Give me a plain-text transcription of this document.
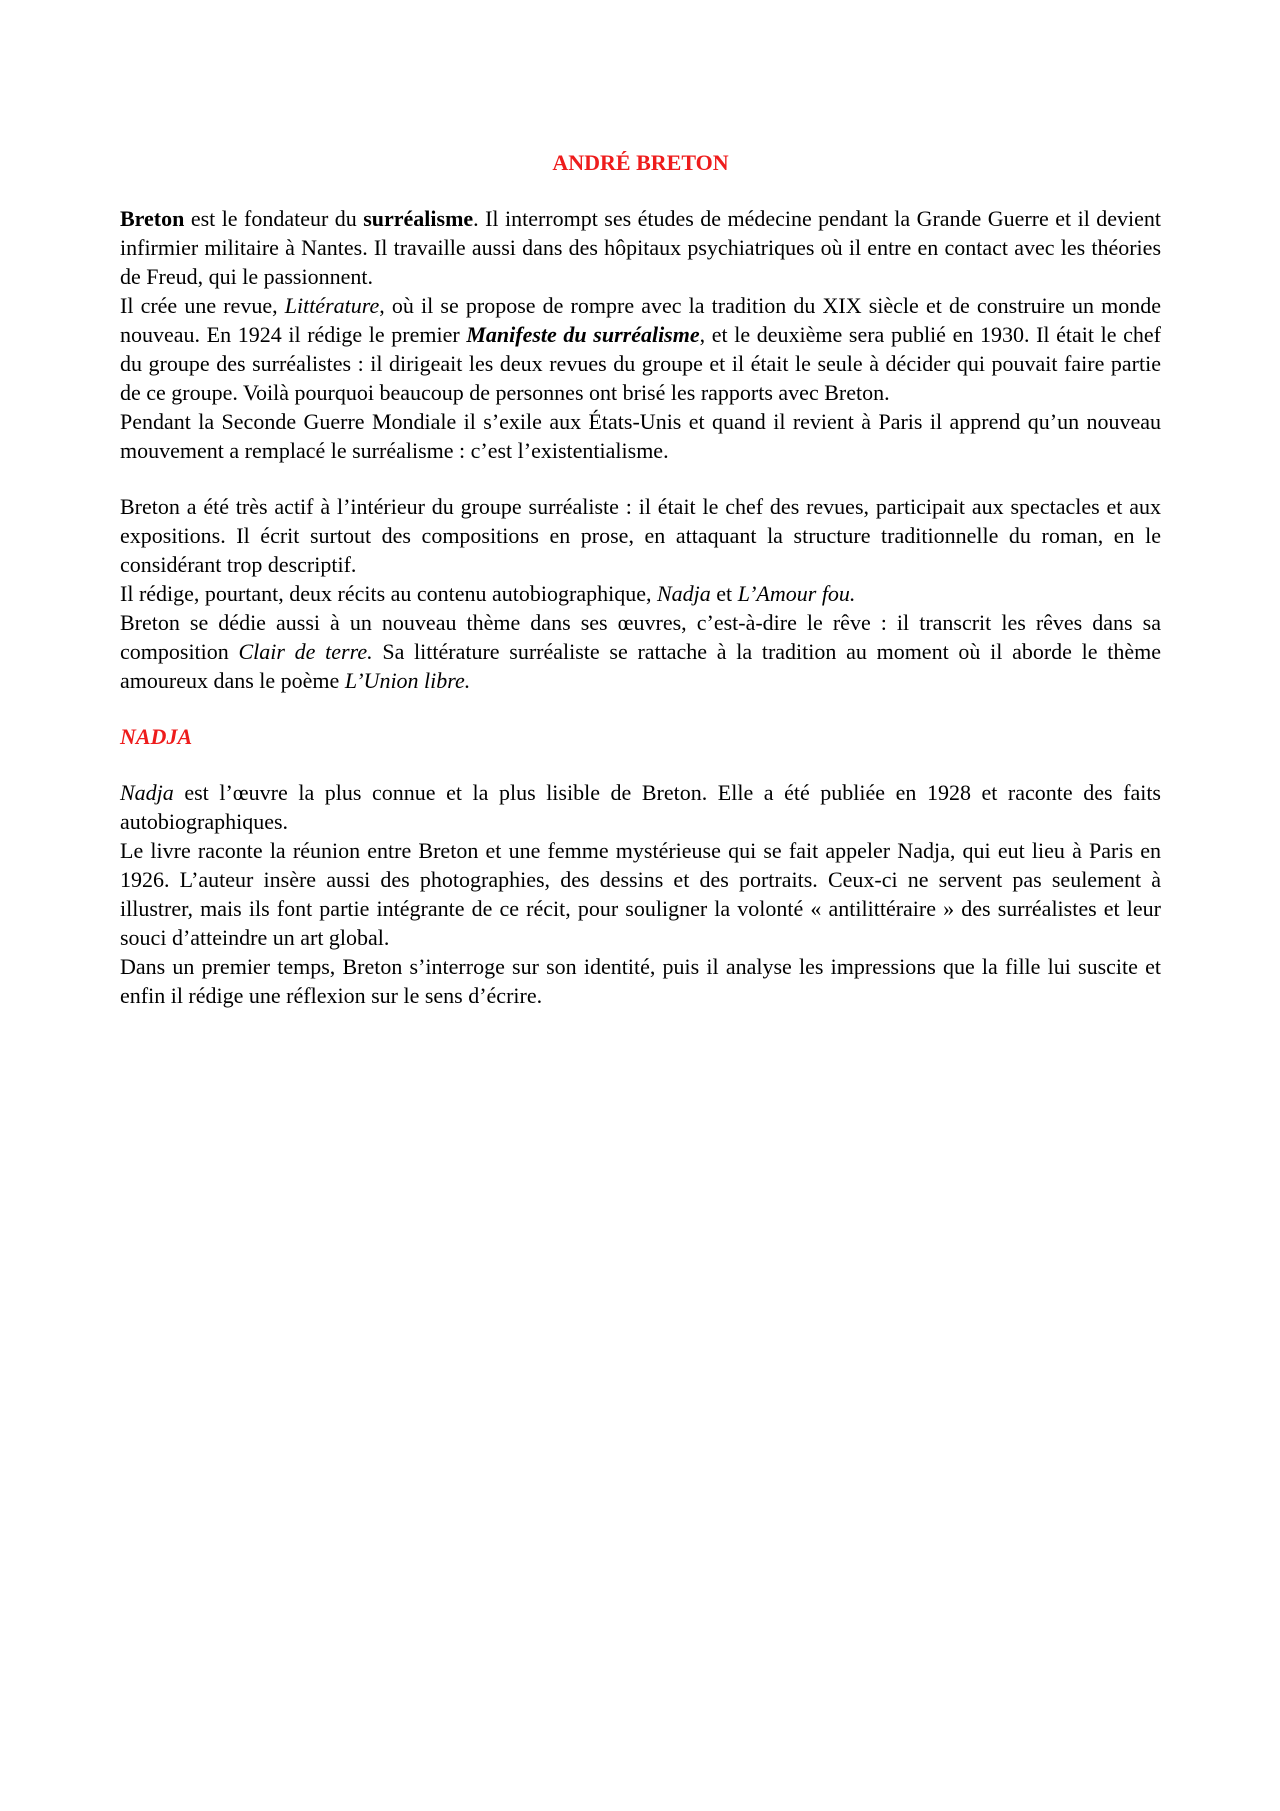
ANDRÉ BRETON

Breton est le fondateur du surréalisme. Il interrompt ses études de médecine pendant la Grande Guerre et il devient infirmier militaire à Nantes. Il travaille aussi dans des hôpitaux psychiatriques où il entre en contact avec les théories de Freud, qui le passionnent.

Il crée une revue, Littérature, où il se propose de rompre avec la tradition du XIX siècle et de construire un monde nouveau. En 1924 il rédige le premier Manifeste du surréalisme, et le deuxième sera publié en 1930. Il était le chef du groupe des surréalistes : il dirigeait les deux revues du groupe et il était le seule à décider qui pouvait faire partie de ce groupe. Voilà pourquoi beaucoup de personnes ont brisé les rapports avec Breton.

Pendant la Seconde Guerre Mondiale il s’exile aux États-Unis et quand il revient à Paris il apprend qu’un nouveau mouvement a remplacé le surréalisme : c’est l’existentialisme.

Breton a été très actif à l’intérieur du groupe surréaliste : il était le chef des revues, participait aux spectacles et aux expositions. Il écrit surtout des compositions en prose, en attaquant la structure traditionnelle du roman, en le considérant trop descriptif.

Il rédige, pourtant, deux récits au contenu autobiographique, Nadja et L’Amour fou.

Breton se dédie aussi à un nouveau thème dans ses œuvres, c’est-à-dire le rêve : il transcrit les rêves dans sa composition Clair de terre. Sa littérature surréaliste se rattache à la tradition au moment où il aborde le thème amoureux dans le poème L’Union libre.

NADJA

Nadja est l’œuvre la plus connue et la plus lisible de Breton. Elle a été publiée en 1928 et raconte des faits autobiographiques.

Le livre raconte la réunion entre Breton et une femme mystérieuse qui se fait appeler Nadja, qui eut lieu à Paris en 1926. L’auteur insère aussi des photographies, des dessins et des portraits. Ceux-ci ne servent pas seulement à illustrer, mais ils font partie intégrante de ce récit, pour souligner la volonté « antilittéraire » des surréalistes et leur souci d’atteindre un art global.

Dans un premier temps, Breton s’interroge sur son identité, puis il analyse les impressions que la fille lui suscite et enfin il rédige une réflexion sur le sens d’écrire.
